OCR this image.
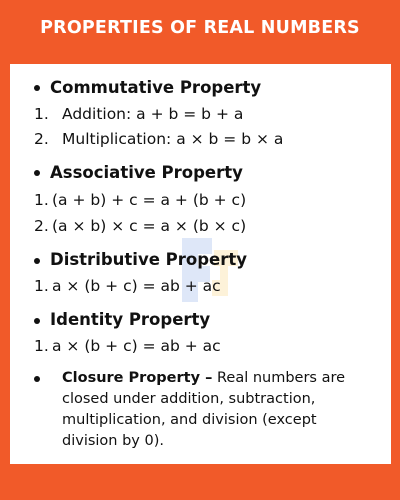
PROPERTIES OF REAL NUMBERS
Commutative Property
1. Addition: a + b = b + a
2. Multiplication: a × b = b × a
Associative Property
1. (a + b) + c = a + (b + c)
2. (a × b) × c = a × (b × c)
Distributive Property
1. a × (b + c) = ab + ac
Identity Property
1. a × (b + c) = ab + ac
Closure Property – Real numbers are closed under addition, subtraction, multiplication, and division (except division by 0).
